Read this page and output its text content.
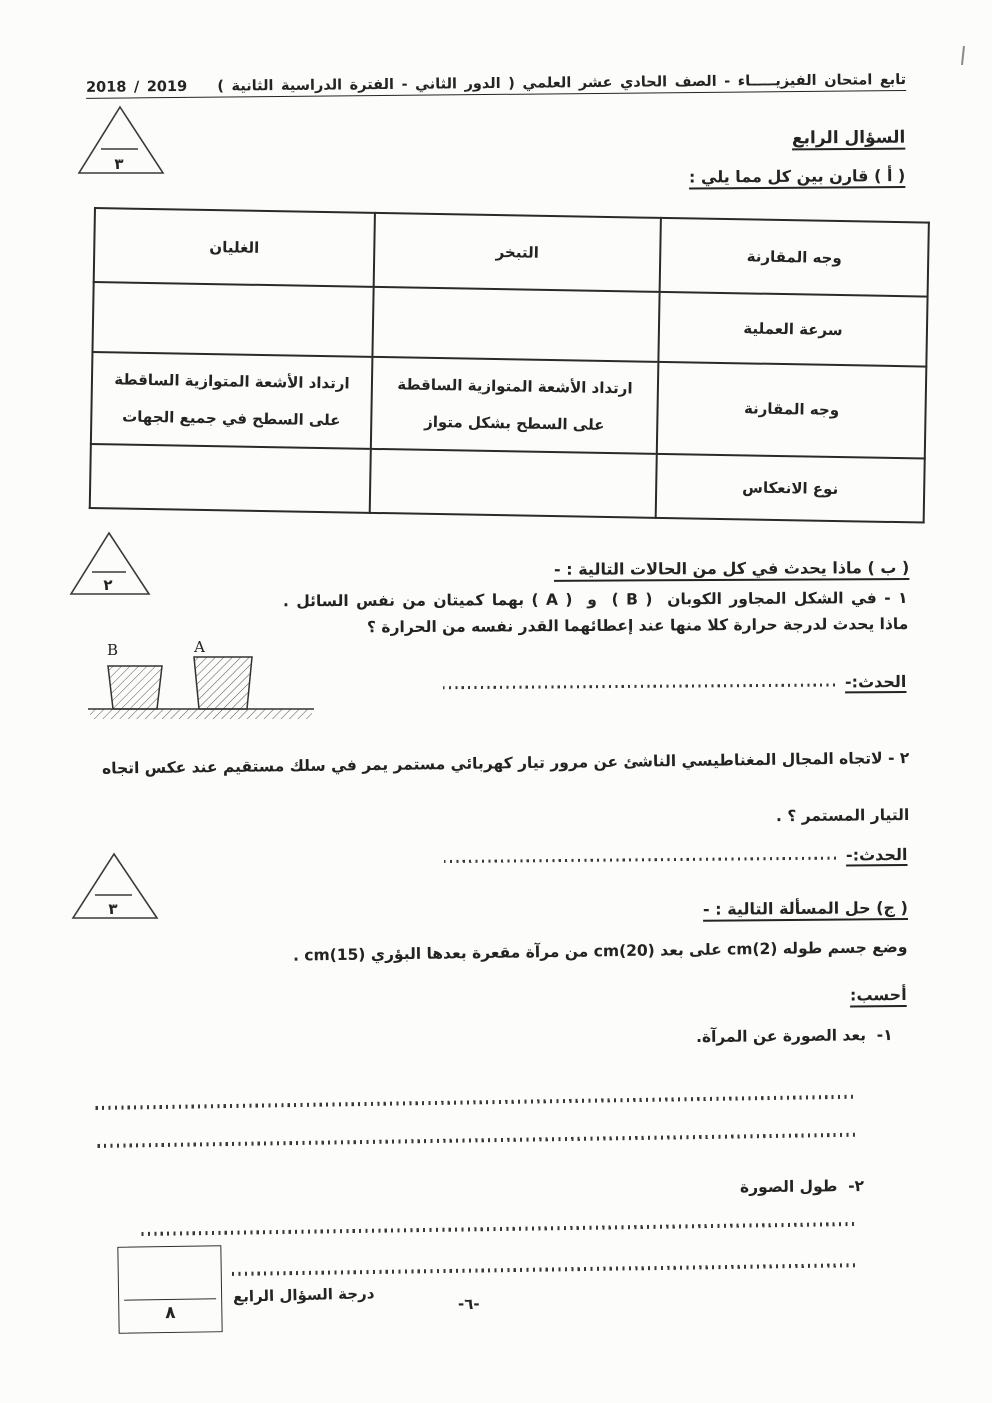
تابع امتحان الفيزيـــــاء - الصف الحادي عشر العلمي ( الدور الثاني - الفترة الدراسية الثانية )    2019 / 2018
السؤال الرابع
٣
( أ ) قارن بين كل مما يلي :
وجه المقارنة	التبخر	الغليان
سرعة العملية		
وجه المقارنة	ارتداد الأشعة المتوازية الساقطة على السطح بشكل متواز	ارتداد الأشعة المتوازية الساقطة على السطح في جميع الجهات
نوع الانعكاس		
٢
( ب ) ماذا يحدث في كل من الحالات التالية : -
١ - في الشكل المجاور الكوبان  ( B )  و  ( A ) بهما كميتان من نفس السائل .
ماذا يحدث لدرجة حرارة كلا منها عند إعطائهما القدر نفسه من الحرارة ؟
B	A
الحدث:-
٢ - لاتجاه المجال المغناطيسي الناشئ عن مرور تيار كهربائي مستمر يمر في سلك مستقيم عند عكس اتجاه
التيار المستمر ؟ .
الحدث:-
٣	( ج) حل المسألة التالية : -
وضع جسم طوله cm(2) على بعد cm(20) من مرآة مقعرة بعدها البؤري cm(15) .
أحسب:
١-  بعد الصورة عن المرآة.
٢-  طول الصورة
٨
درجة السؤال الرابع	-٦-
